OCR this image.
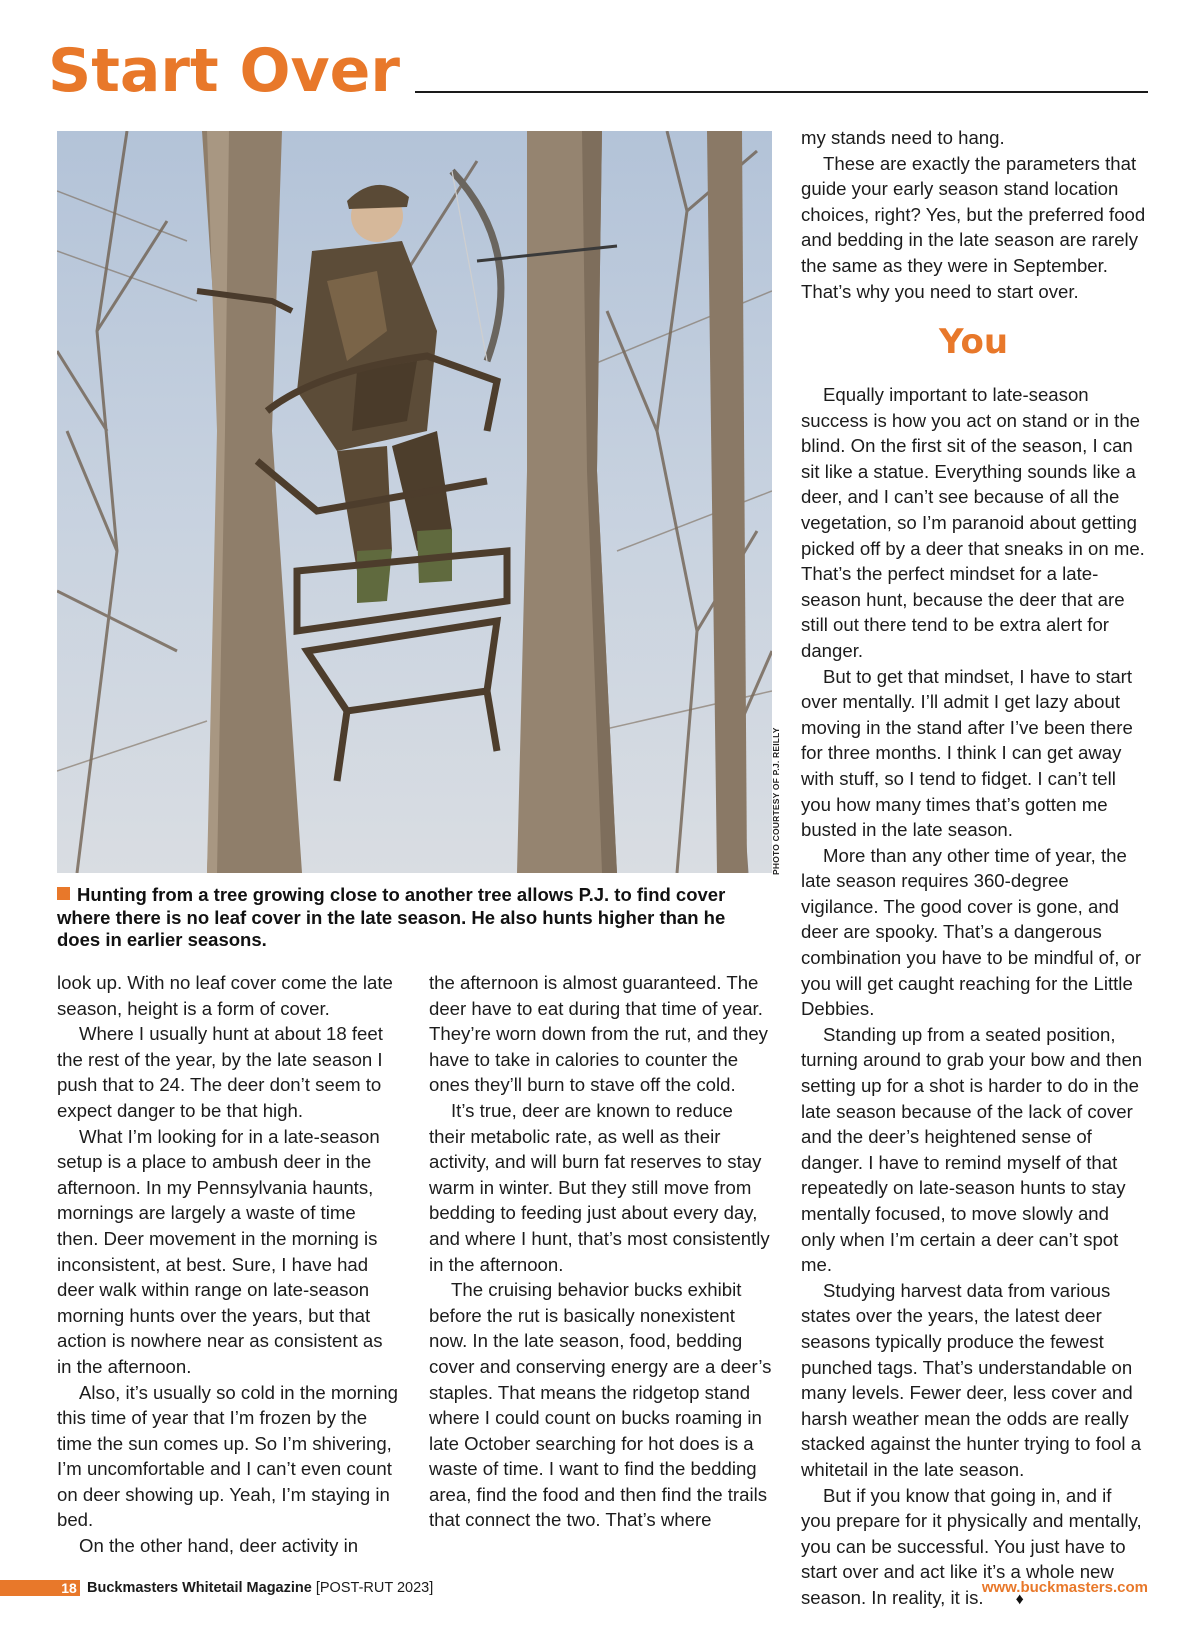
Start Over
PHOTO COURTESY OF P.J. REILLY
Hunting from a tree growing close to another tree allows P.J. to find cover where there is no leaf cover in the late season. He also hunts higher than he does in earlier seasons.

look up. With no leaf cover come the late season, height is a form of cover.

Where I usually hunt at about 18 feet the rest of the year, by the late season I push that to 24. The deer don’t seem to expect danger to be that high.

What I’m looking for in a late-season setup is a place to ambush deer in the afternoon. In my Pennsylvania haunts, mornings are largely a waste of time then. Deer movement in the morning is inconsistent, at best. Sure, I have had deer walk within range on late-season morning hunts over the years, but that action is nowhere near as consistent as in the afternoon.

Also, it’s usually so cold in the morning this time of year that I’m frozen by the time the sun comes up. So I’m shivering, I’m uncomfortable and I can’t even count on deer showing up. Yeah, I’m staying in bed.

On the other hand, deer activity in

the afternoon is almost guaranteed. The deer have to eat during that time of year. They’re worn down from the rut, and they have to take in calories to counter the ones they’ll burn to stave off the cold.

It’s true, deer are known to reduce their metabolic rate, as well as their activity, and will burn fat reserves to stay warm in winter. But they still move from bedding to feeding just about every day, and where I hunt, that’s most consistently in the afternoon.

The cruising behavior bucks exhibit before the rut is basically nonexistent now. In the late season, food, bedding cover and conserving energy are a deer’s staples. That means the ridgetop stand where I could count on bucks roaming in late October searching for hot does is a waste of time. I want to find the bedding area, find the food and then find the trails that connect the two. That’s where

my stands need to hang.

These are exactly the parameters that guide your early season stand location choices, right? Yes, but the preferred food and bedding in the late season are rarely the same as they were in September. That’s why you need to start over.

You

Equally important to late-season success is how you act on stand or in the blind. On the first sit of the season, I can sit like a statue. Everything sounds like a deer, and I can’t see because of all the vegetation, so I’m paranoid about getting picked off by a deer that sneaks in on me. That’s the perfect mindset for a late-season hunt, because the deer that are still out there tend to be extra alert for danger.

But to get that mindset, I have to start over mentally. I’ll admit I get lazy about moving in the stand after I’ve been there for three months. I think I can get away with stuff, so I tend to fidget. I can’t tell you how many times that’s gotten me busted in the late season.

More than any other time of year, the late season requires 360-degree vigilance. The good cover is gone, and deer are spooky. That’s a dangerous combination you have to be mindful of, or you will get caught reaching for the Little Debbies.

Standing up from a seated position, turning around to grab your bow and then setting up for a shot is harder to do in the late season because of the lack of cover and the deer’s heightened sense of danger. I have to remind myself of that repeatedly on late-season hunts to stay mentally focused, to move slowly and only when I’m certain a deer can’t spot me.

Studying harvest data from various states over the years, the latest deer seasons typically produce the fewest punched tags. That’s understandable on many levels. Fewer deer, less cover and harsh weather mean the odds are really stacked against the hunter trying to fool a whitetail in the late season.

But if you know that going in, and if you prepare for it physically and mentally, you can be successful. You just have to start over and act like it’s a whole new season. In reality, it is. ♦

18 Buckmasters Whitetail Magazine [POST-RUT 2023]	www.buckmasters.com
